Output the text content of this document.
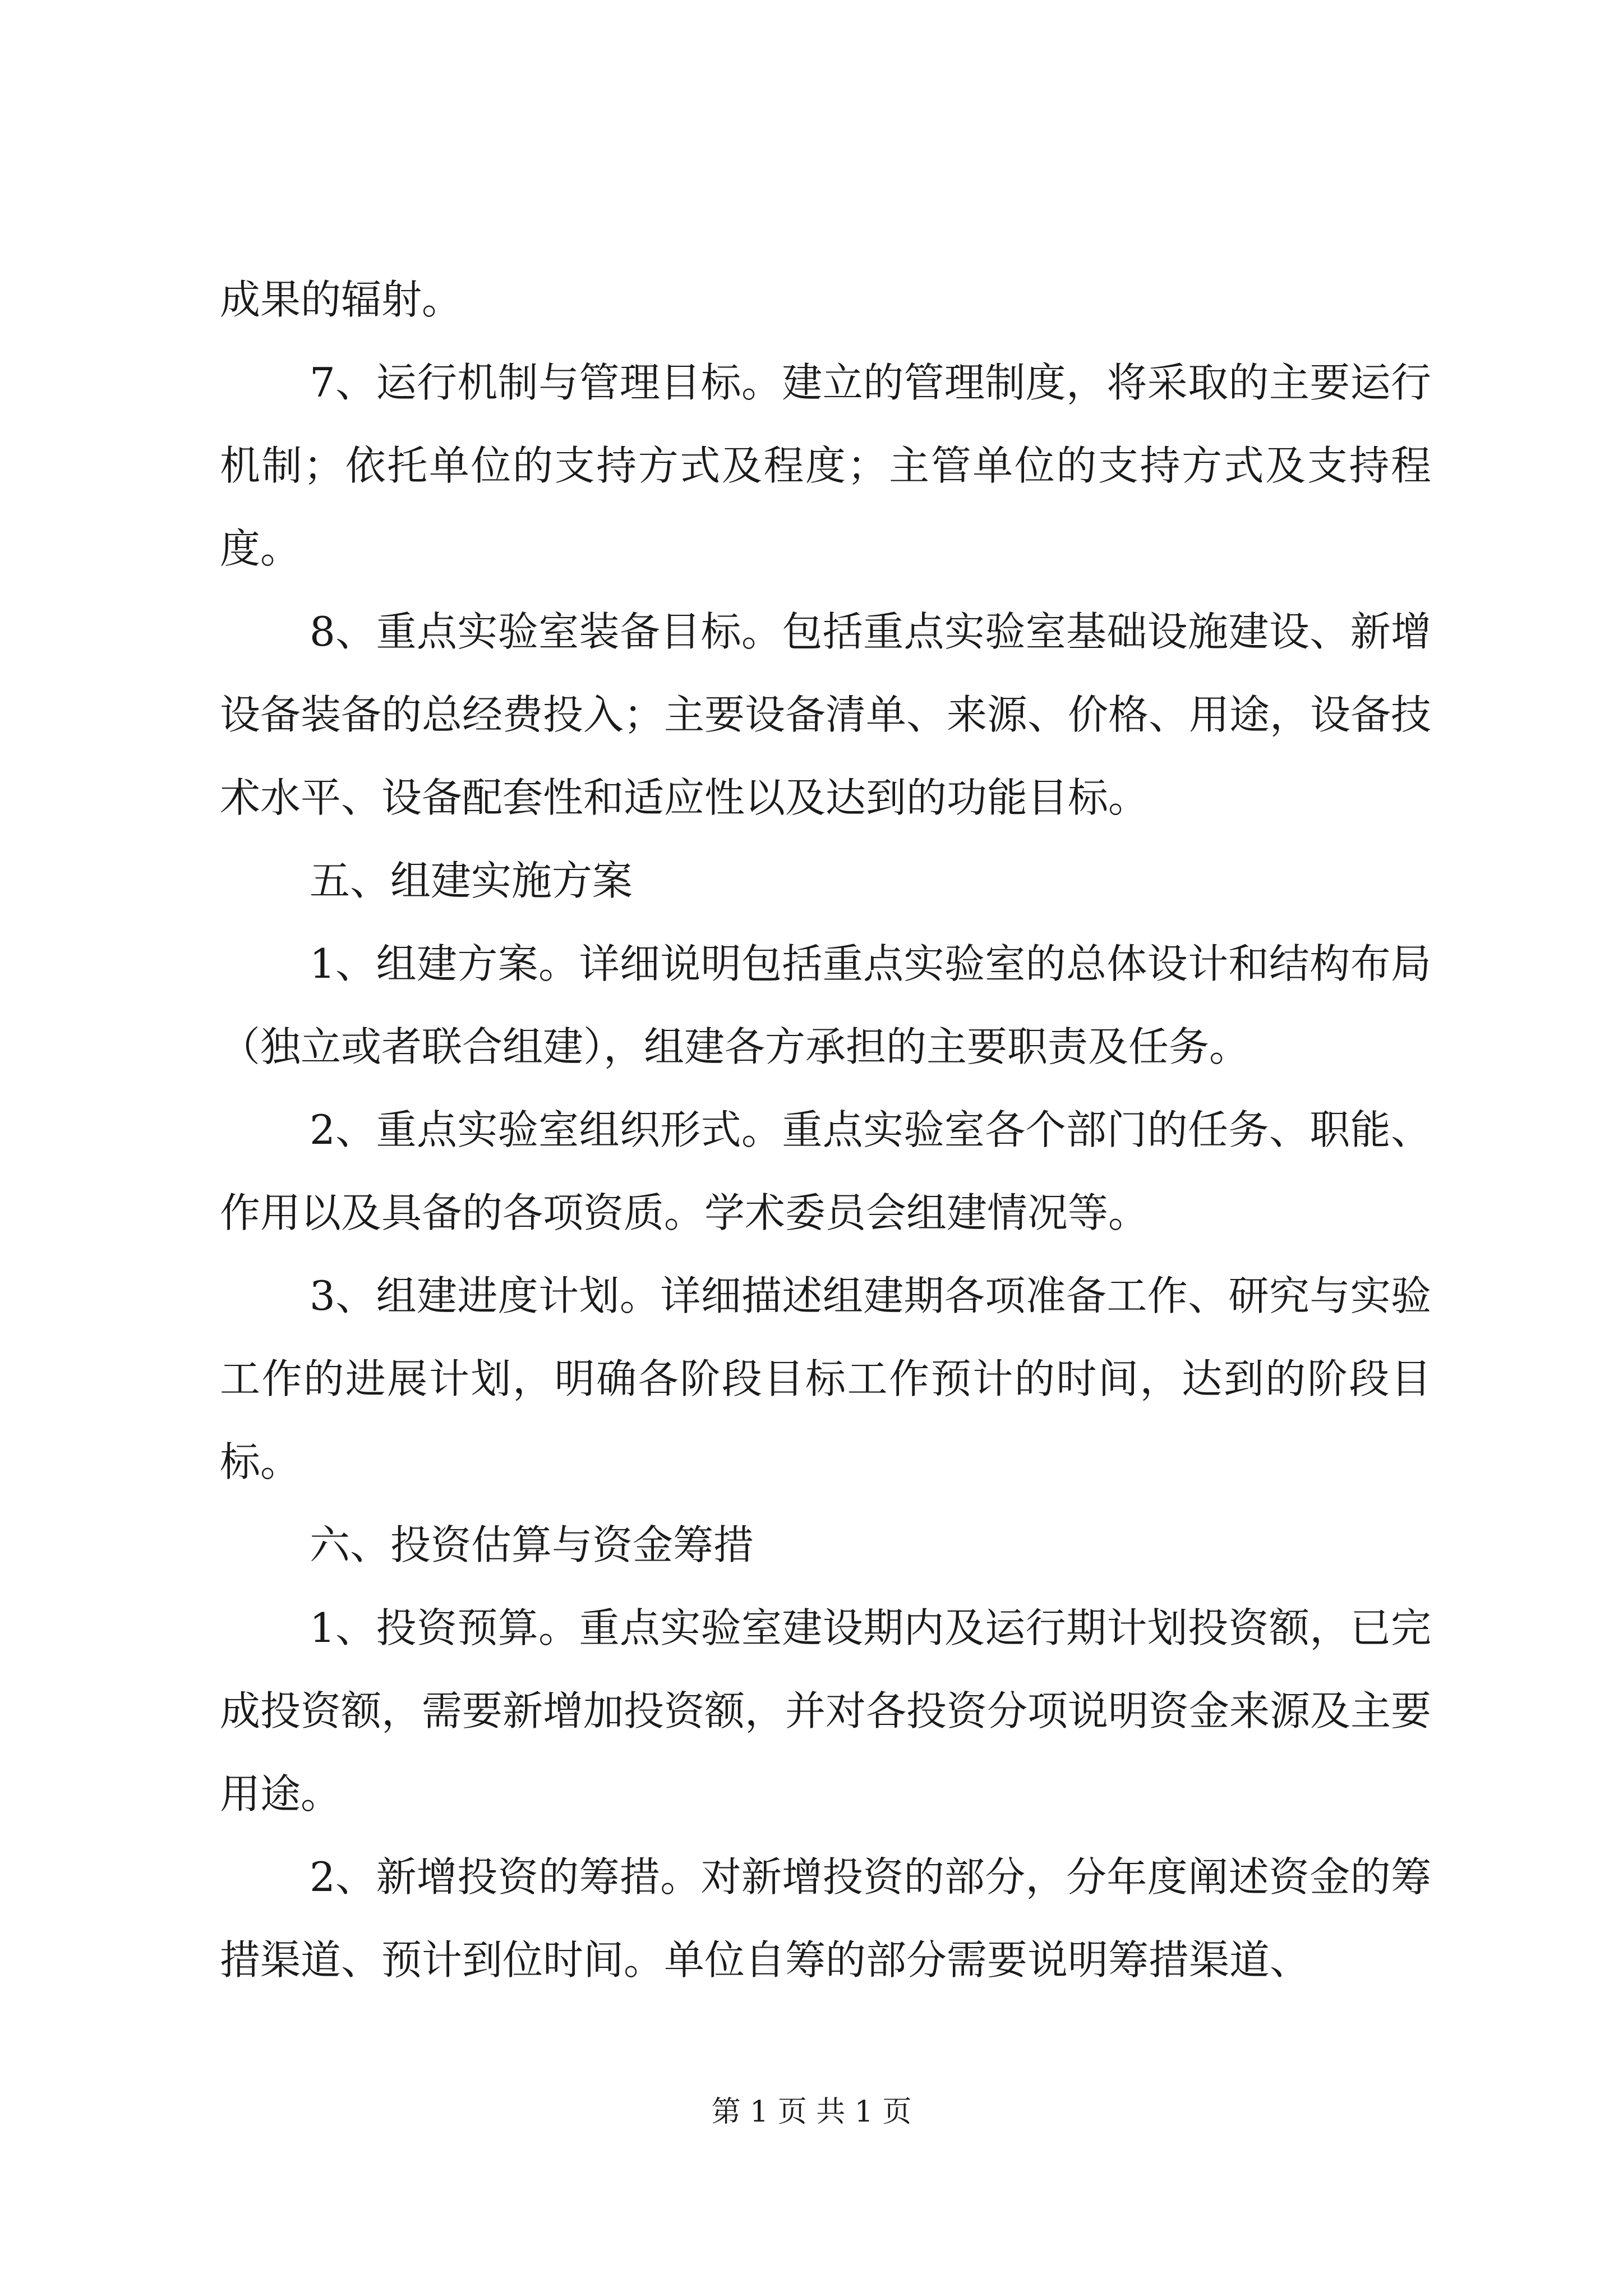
成果的辐射。

7、运行机制与管理目标。建立的管理制度，将采取的主要运行机制；依托单位的支持方式及程度；主管单位的支持方式及支持程度。

8、重点实验室装备目标。包括重点实验室基础设施建设、新增设备装备的总经费投入；主要设备清单、来源、价格、用途，设备技术水平、设备配套性和适应性以及达到的功能目标。

五、组建实施方案

1、组建方案。详细说明包括重点实验室的总体设计和结构布局（独立或者联合组建），组建各方承担的主要职责及任务。

2、重点实验室组织形式。重点实验室各个部门的任务、职能、作用以及具备的各项资质。学术委员会组建情况等。

3、组建进度计划。详细描述组建期各项准备工作、研究与实验工作的进展计划，明确各阶段目标工作预计的时间，达到的阶段目标。

六、投资估算与资金筹措

1、投资预算。重点实验室建设期内及运行期计划投资额，已完成投资额，需要新增加投资额，并对各投资分项说明资金来源及主要用途。

2、新增投资的筹措。对新增投资的部分，分年度阐述资金的筹措渠道、预计到位时间。单位自筹的部分需要说明筹措渠道、

第 1 页 共 1 页
